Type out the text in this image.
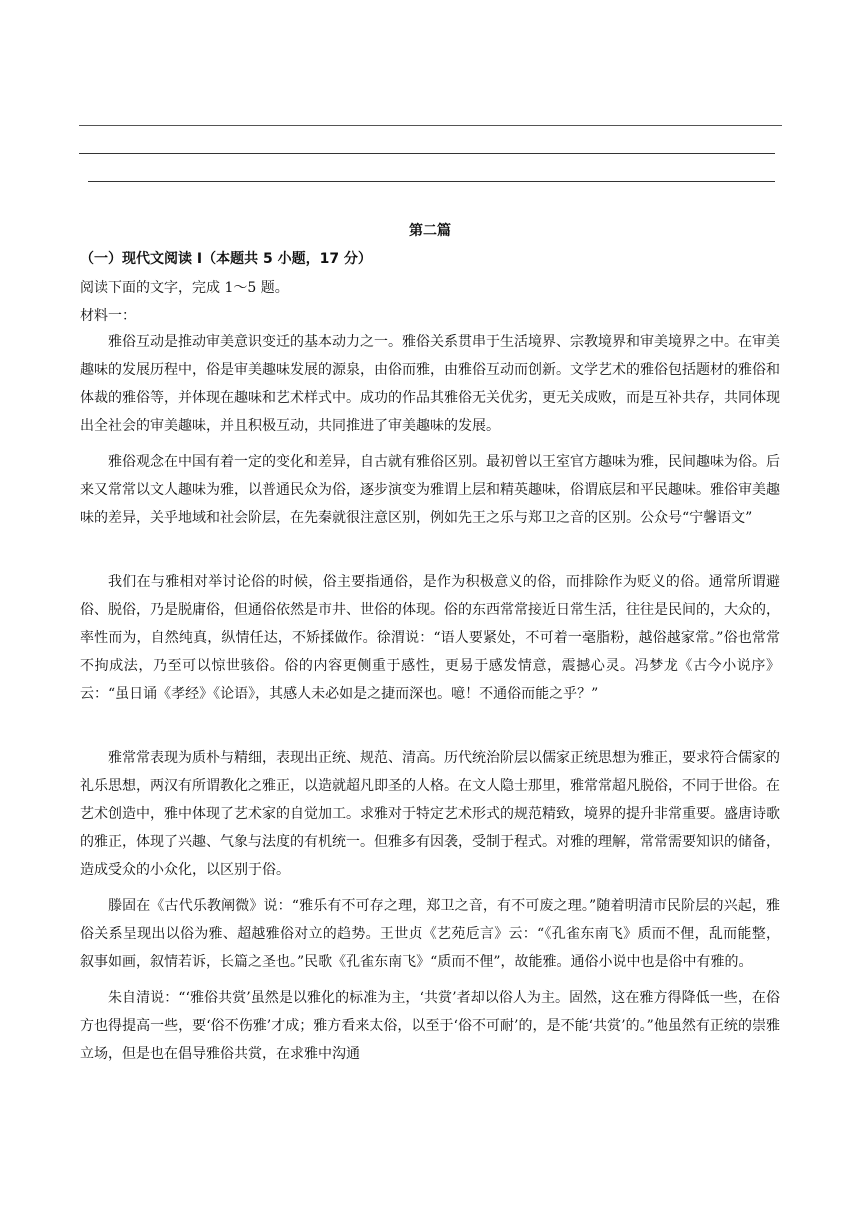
第二篇
（一）现代文阅读 I（本题共 5 小题，17 分）
阅读下面的文字，完成 1～5 题。
材料一：

雅俗互动是推动审美意识变迁的基本动力之一。雅俗关系贯串于生活境界、宗教境界和审美境界之中。在审美趣味的发展历程中，俗是审美趣味发展的源泉，由俗而雅，由雅俗互动而创新。文学艺术的雅俗包括题材的雅俗和体裁的雅俗等，并体现在趣味和艺术样式中。成功的作品其雅俗无关优劣，更无关成败，而是互补共存，共同体现出全社会的审美趣味，并且积极互动，共同推进了审美趣味的发展。

雅俗观念在中国有着一定的变化和差异，自古就有雅俗区别。最初曾以王室官方趣味为雅，民间趣味为俗。后来又常常以文人趣味为雅，以普通民众为俗，逐步演变为雅谓上层和精英趣味，俗谓底层和平民趣味。雅俗审美趣味的差异，关乎地域和社会阶层，在先秦就很注意区别，例如先王之乐与郑卫之音的区别。公众号“宁馨语文”

我们在与雅相对举讨论俗的时候，俗主要指通俗，是作为积极意义的俗，而排除作为贬义的俗。通常所谓避俗、脱俗，乃是脱庸俗，但通俗依然是市井、世俗的体现。俗的东西常常接近日常生活，往往是民间的，大众的，率性而为，自然纯真，纵情任达，不矫揉做作。徐渭说：“语人要紧处，不可着一毫脂粉，越俗越家常。”俗也常常不拘成法，乃至可以惊世骇俗。俗的内容更侧重于感性，更易于感发情意，震撼心灵。冯梦龙《古今小说序》云：“虽日诵《孝经》《论语》，其感人未必如是之捷而深也。噫！不通俗而能之乎？”

雅常常表现为质朴与精细，表现出正统、规范、清高。历代统治阶层以儒家正统思想为雅正，要求符合儒家的礼乐思想，两汉有所谓教化之雅正，以造就超凡即圣的人格。在文人隐士那里，雅常常超凡脱俗，不同于世俗。在艺术创造中，雅中体现了艺术家的自觉加工。求雅对于特定艺术形式的规范精致，境界的提升非常重要。盛唐诗歌的雅正，体现了兴趣、气象与法度的有机统一。但雅多有因袭，受制于程式。对雅的理解，常常需要知识的储备，造成受众的小众化，以区别于俗。

滕固在《古代乐教阐微》说：“雅乐有不可存之理，郑卫之音，有不可废之理。”随着明清市民阶层的兴起，雅俗关系呈现出以俗为雅、超越雅俗对立的趋势。王世贞《艺苑卮言》云：“《孔雀东南飞》质而不俚，乱而能整，叙事如画，叙情若诉，长篇之圣也。”民歌《孔雀东南飞》“质而不俚”，故能雅。通俗小说中也是俗中有雅的。

朱自清说：“‘雅俗共赏’虽然是以雅化的标准为主，‘共赏’者却以俗人为主。固然，这在雅方得降低一些，在俗方也得提高一些，要‘俗不伤雅’才成；雅方看来太俗，以至于‘俗不可耐’的，是不能‘共赏’的。”他虽然有正统的崇雅立场，但是也在倡导雅俗共赏，在求雅中沟通
